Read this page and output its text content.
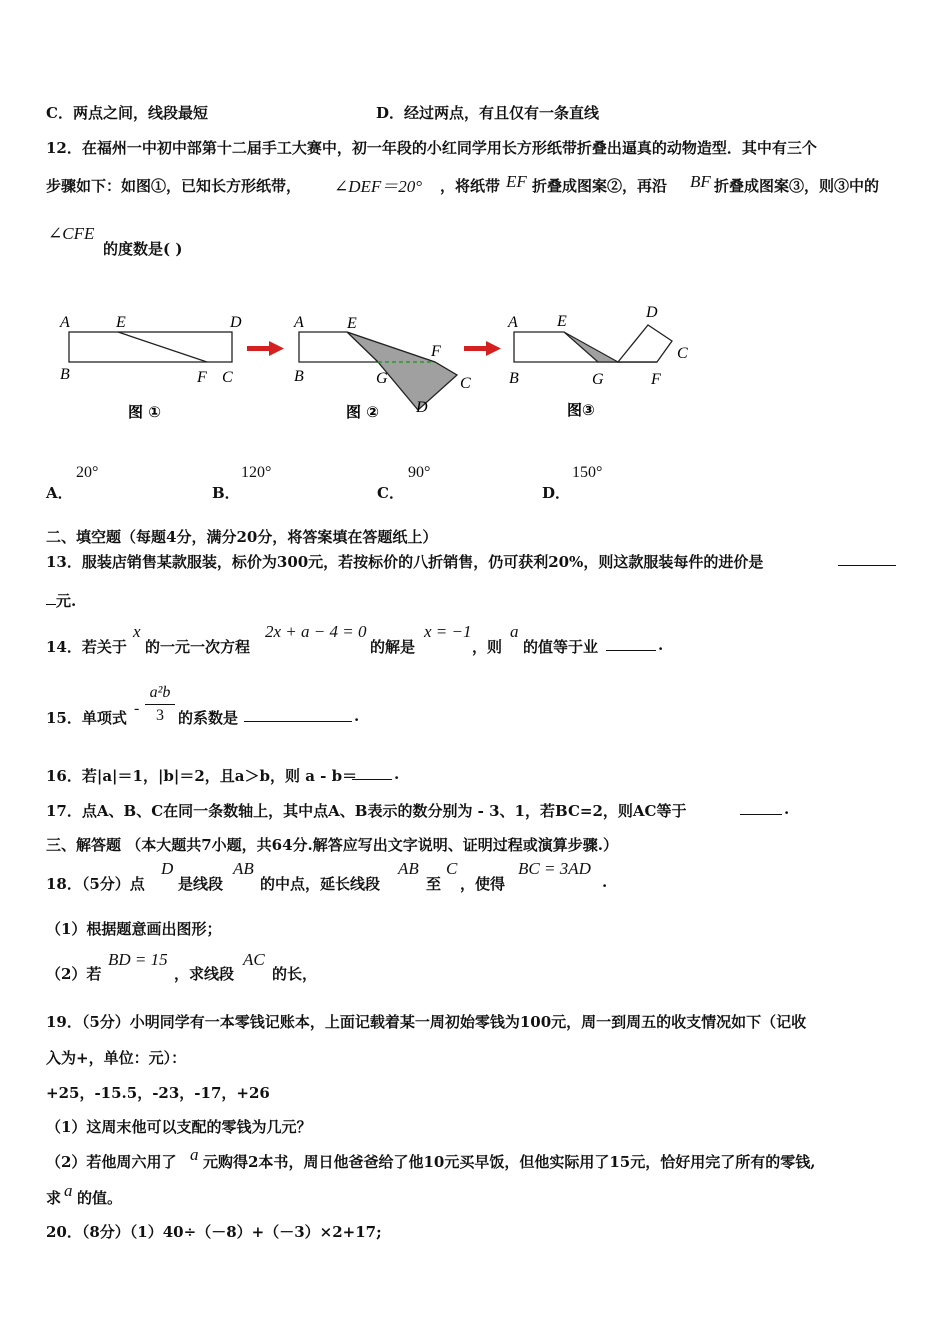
C．两点之间，线段最短	D．经过两点，有且仅有一条直线
12．在福州一中初中部第十二届手工大赛中，初一年段的小红同学用长方形纸带折叠出逼真的动物造型．其中有三个
步骤如下：如图①，已知长方形纸带， ∠DEF＝20° ，将纸带 EF 折叠成图案②，再沿 BF 折叠成图案③，则③中的
∠CFE
的度数是( )
A	E	D
B	F C
A	E
F
B	G	C
D
A E
D
C
B	G	F
图 ①	图 ②	图③
A．
20°
B．
120°
C．
90°
D．
150°
二、填空题（每题4分，满分20分，将答案填在答题纸上）
13．服装店销售某款服装，标价为300元，若按标价的八折销售，仍可获利20%，则这款服装每件的进价是
元.
14．若关于
x
的一元一次方程
2x + a − 4 = 0
的解是
x = −1
，则
a
的值等于业	.
15．单项式
-
a²b
3 的系数是	.
16．若|a|＝1，|b|＝2，且a＞b，则 a - b＝ .
17．点A、B、C在同一条数轴上，其中点A、B表示的数分别为 - 3、1，若BC=2，则AC等于	.
三、解答题 （本大题共7小题，共64分.解答应写出文字说明、证明过程或演算步骤.）
18．（5分）点
D
是线段
AB
的中点，延长线段
AB
至
C
，使得
BC = 3AD
.
（1）根据题意画出图形；
（2）若
BD = 15
，求线段
AC
的长，
19．（5分）小明同学有一本零钱记账本，上面记载着某一周初始零钱为100元，周一到周五的收支情况如下（记收
入为+，单位：元）：
+25，-15.5，-23，-17，+26
（1）这周末他可以支配的零钱为几元？
（2）若他周六用了 a 元购得2本书，周日他爸爸给了他10元买早饭，但他实际用了15元，恰好用完了所有的零钱,
求 a 的值。
20．（8分）（1）40÷（－8）+（－3）×2+17;
